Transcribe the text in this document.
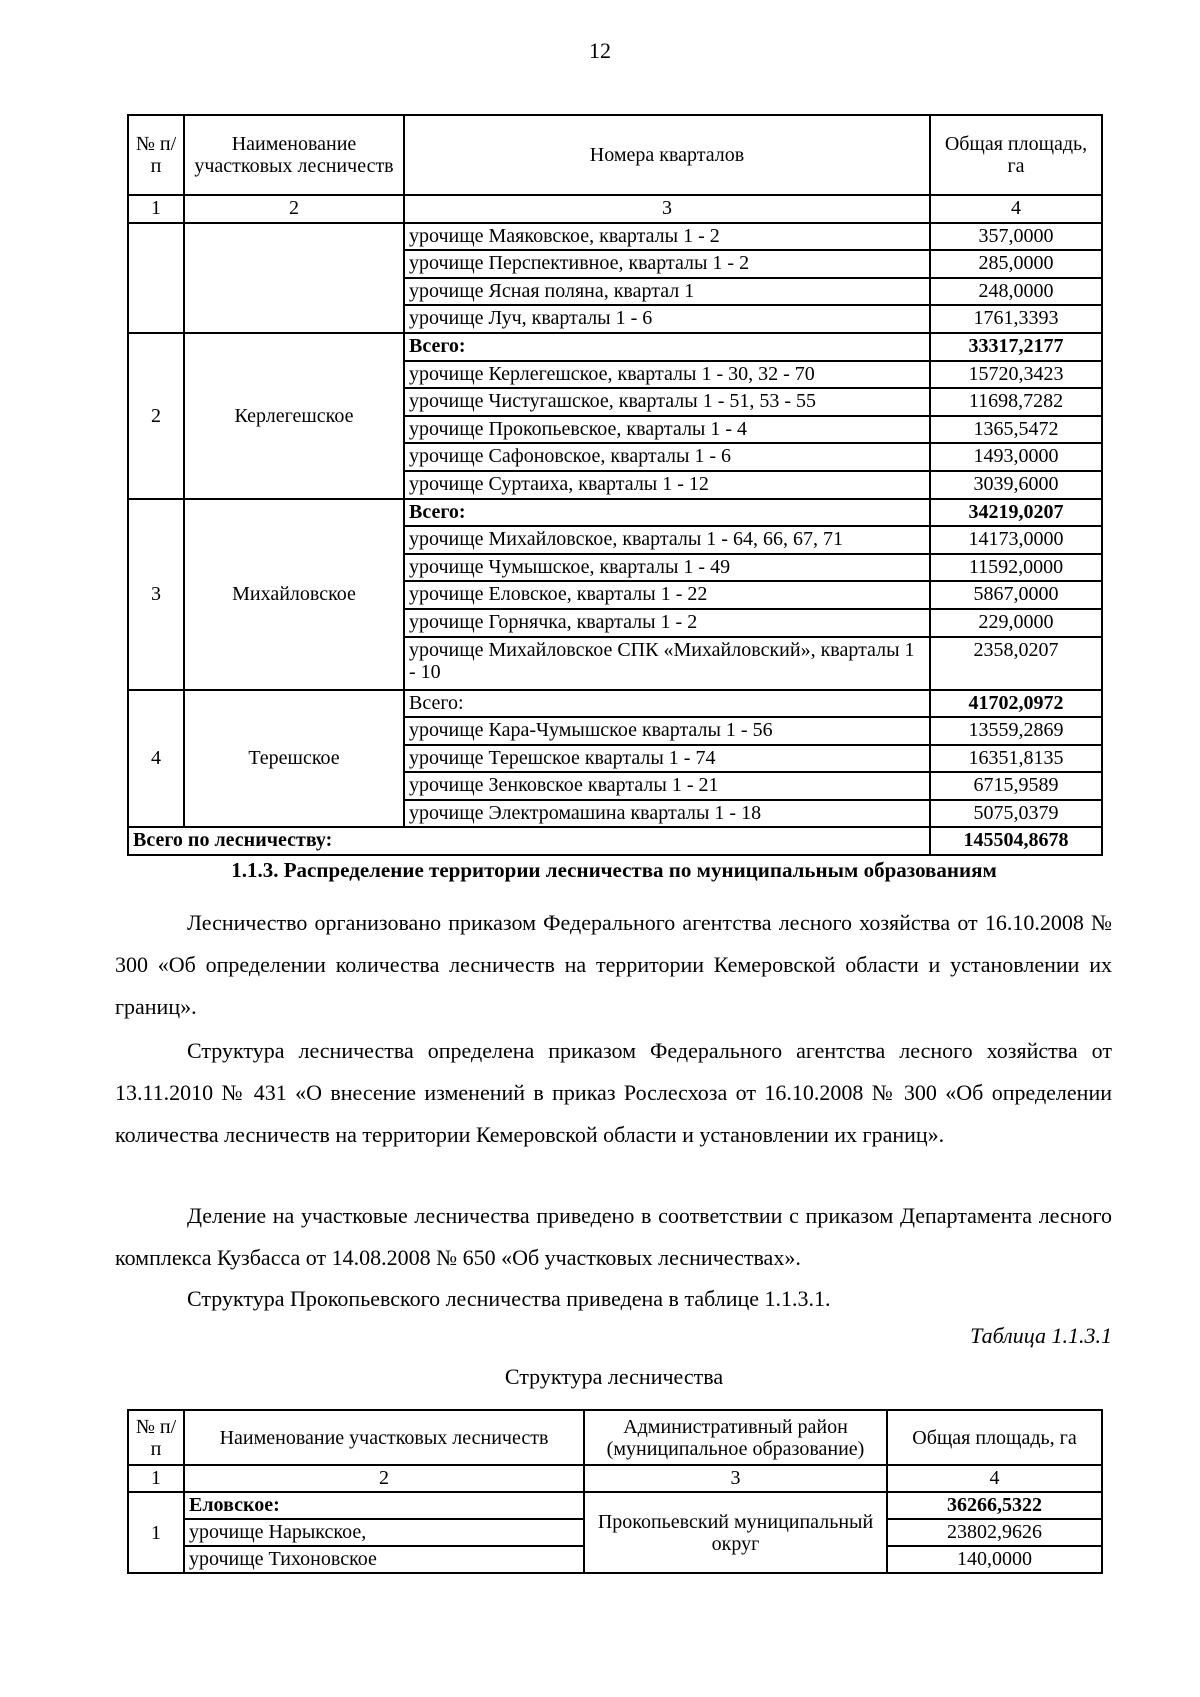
12
№ п/п	Наименование участковых лесничеств	Номера кварталов	Общая площадь, га
1	2	3	4
		урочище Маяковское, кварталы 1 - 2	357,0000
		урочище Перспективное, кварталы 1 - 2	285,0000
		урочище Ясная поляна, квартал 1	248,0000
		урочище Луч, кварталы 1 - 6	1761,3393
2	Керлегешское	Всего:	33317,2177
		урочище Керлегешское, кварталы 1 - 30, 32 - 70	15720,3423
		урочище Чистугашское, кварталы 1 - 51, 53 - 55	11698,7282
		урочище Прокопьевское, кварталы 1 - 4	1365,5472
		урочище Сафоновское, кварталы 1 - 6	1493,0000
		урочище Суртаиха, кварталы 1 - 12	3039,6000
3	Михайловское	Всего:	34219,0207
		урочище Михайловское, кварталы 1 - 64, 66, 67, 71	14173,0000
		урочище Чумышское, кварталы 1 - 49	11592,0000
		урочище Еловское, кварталы 1 - 22	5867,0000
		урочище Горнячка, кварталы 1 - 2	229,0000
		урочище Михайловское СПК «Михайловский», кварталы 1 - 10	2358,0207
4	Терешское	Всего:	41702,0972
		урочище Кара-Чумышское кварталы 1 - 56	13559,2869
		урочище Терешское кварталы 1 - 74	16351,8135
		урочище Зенковское кварталы 1 - 21	6715,9589
		урочище Электромашина кварталы 1 - 18	5075,0379
Всего по лесничеству:			145504,8678
1.1.3. Распределение территории лесничества по муниципальным образованиям

Лесничество организовано приказом Федерального агентства лесного хозяйства от 16.10.2008 № 300 «Об определении количества лесничеств на территории Кемеровской области и установлении их границ».

Структура лесничества определена приказом Федерального агентства лесного хозяйства от 13.11.2010 № 431 «О внесение изменений в приказ Рослесхоза от 16.10.2008 № 300 «Об определении количества лесничеств на территории Кемеровской области и установлении их границ».

Деление на участковые лесничества приведено в соответствии с приказом Департамента лесного комплекса Кузбасса от 14.08.2008 № 650 «Об участковых лесничествах».

Структура Прокопьевского лесничества приведена в таблице 1.1.3.1.

Таблица 1.1.3.1
Структура лесничества
№ п/п	Наименование участковых лесничеств	Административный район (муниципальное образование)	Общая площадь, га
1	2	3	4
1	Еловское:	Прокопьевский муниципальный округ	36266,5322
	урочище Нарыкское,		23802,9626
	урочище Тихоновское		140,0000
